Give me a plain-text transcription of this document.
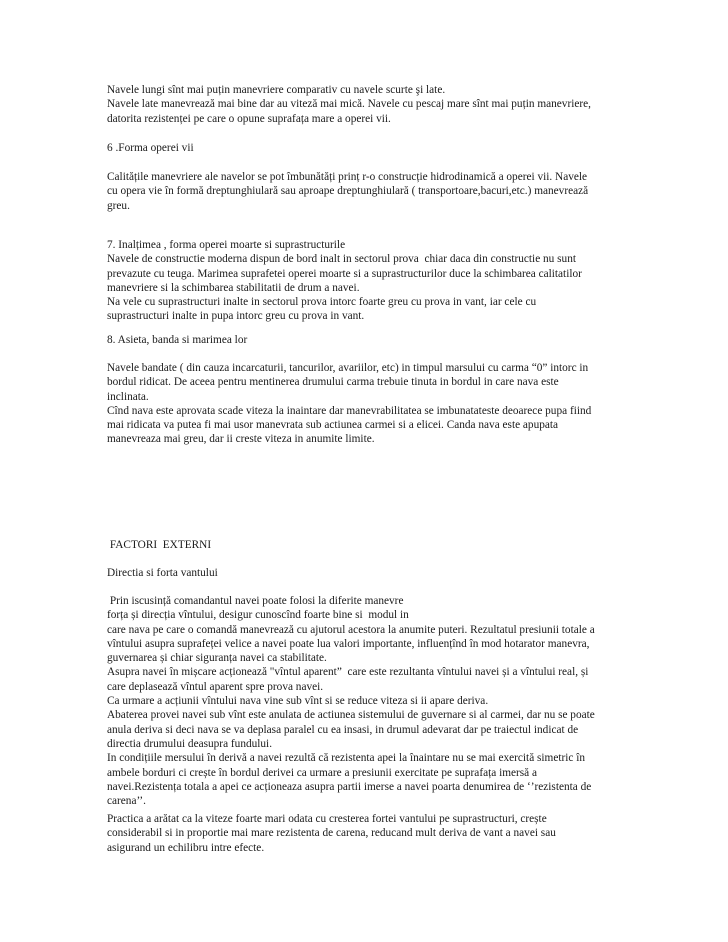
Navele lungi sînt mai puțin manevriere comparativ cu navele scurte şi late.

Navele late manevrează mai bine dar au viteză mai mică. Navele cu pescaj mare sînt mai puțin manevriere,

datorita rezistenței pe care o opune suprafața mare a operei vii.

6 .Forma operei vii

Calitățile manevriere ale navelor se pot îmbunătăți prinț r-o construcție hidrodinamică a operei vii. Navele

cu opera vie în formă dreptunghiulară sau aproape dreptunghiulară ( transportoare,bacuri,etc.) manevrează

greu.

7. Inalțimea , forma operei moarte si suprastructurile

Navele de constructie moderna dispun de bord inalt in sectorul prova  chiar daca din constructie nu sunt

prevazute cu teuga. Marimea suprafetei operei moarte si a suprastructurilor duce la schimbarea calitatilor

manevriere si la schimbarea stabilitatii de drum a navei.

Na vele cu suprastructuri inalte in sectorul prova intorc foarte greu cu prova in vant, iar cele cu

suprastructuri inalte in pupa intorc greu cu prova in vant.

8. Asieta, banda si marimea lor

Navele bandate ( din cauza incarcaturii, tancurilor, avariilor, etc) in timpul marsului cu carma “0” intorc in

bordul ridicat. De aceea pentru mentinerea drumului carma trebuie tinuta in bordul in care nava este

inclinata.

Cînd nava este aprovata scade viteza la inaintare dar manevrabilitatea se imbunatateste deoarece pupa fiind

mai ridicata va putea fi mai usor manevrata sub actiunea carmei si a elicei. Canda nava este apupata

manevreaza mai greu, dar ii creste viteza in anumite limite.

FACTORI  EXTERNI

Directia si forta vantului

Prin iscusință comandantul navei poate folosi la diferite manevre

forța și direcția vîntului, desigur cunoscînd foarte bine si  modul in

care nava pe care o comandă manevrează cu ajutorul acestora la anumite puteri. Rezultatul presiunii totale a

vîntului asupra suprafeței velice a navei poate lua valori importante, influențînd în mod hotarator manevra,

guvernarea și chiar siguranța navei ca stabilitate.

Asupra navei în mișcare acționează "vîntul aparent”  care este rezultanta vîntului navei și a vîntului real, și

care deplasează vîntul aparent spre prova navei.

Ca urmare a acțiunii vîntului nava vine sub vînt si se reduce viteza si ii apare deriva.

Abaterea provei navei sub vînt este anulata de actiunea sistemului de guvernare si al carmei, dar nu se poate

anula deriva si deci nava se va deplasa paralel cu ea insasi, in drumul adevarat dar pe traiectul indicat de

directia drumului deasupra fundului.

In condițiile mersului în derivă a navei rezultă că rezistenta apei la înaintare nu se mai exercită simetric în

ambele borduri ci crește în bordul derivei ca urmare a presiunii exercitate pe suprafața imersă a

navei.Rezistența totala a apei ce acționeaza asupra partii imerse a navei poarta denumirea de ‘’rezistenta de

carena’’.

Practica a arătat ca la viteze foarte mari odata cu cresterea fortei vantului pe suprastructuri, crește

considerabil si in proportie mai mare rezistenta de carena, reducand mult deriva de vant a navei sau

asigurand un echilibru intre efecte.
